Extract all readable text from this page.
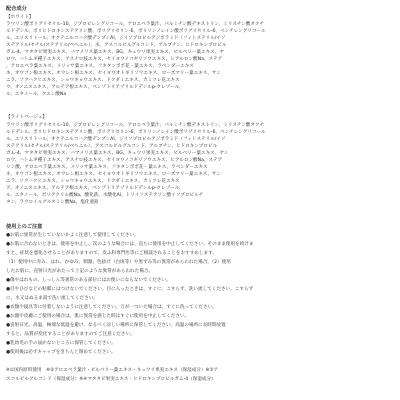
配合成分
【ホワイト】
ラウリン酸ポリグリセリル-10、ジプロピレングリコール、アロエベラ葉汁、パルミチン酸デキストリン、ミリスチン酸オクチ
ルドデシル、ポリヒドロキシステアリン酸、ポリグリセリン-6、ポリリシノレイン酸ポリグリセリル-6、ペンチレングリコール
ル、エリスリトール、オクテニルコハク酸デンプンAl、ジイソプロピルアジポラミド（フィトステリル/イソ
ステアリル/セチル/ステアリル/ベヘニル）、水、アスコルビルグルコシド、アルブチン、ヒドロキシプロピル
ガム-4、マタタビ果実エキス、ハマメリス葉エキス、BG、キュウリ果実エキス、ビルベリー葉エキス、ヤ
ロウ、ハトムギ種子エキス、アスナロ枝エキス、セイヨウノコギリソウエキス、ヒアルロン酸Na、ステア
、アロエベラ葉エキス、メリッサ葉エキス、フキタンポポ花・葉エキス、ラベンダーエキス
ネ、オウゴン根エキス、オウレン根エキス、セイヨウオトギリソウエキス、ローズマリー葉エキス、サン
ニラ、ソクハクヒエキス、ショウキョウエキス、ドクダミエキス、カミツレ花エキス
ウ、オノニスエキス、アルテア根エキス、ベンゾトリアゾリルドデシルp-クレゾール、
ル、エタノール、クエン酸Na
【ライトベージュ】
ラウリン酸ポリグリセリル-10、ジプロピレングリコール、アロエベラ葉汁、パルミチン酸デキストリン、ミリスチン酸オクチ
ルドデシル、ポリヒドロキシステアリン酸、ポリグリセリン-6、ポリリシノレイン酸ポリグリセリル-6、ペンチレングリコール
ル、エリスリトール、オクテニルコハク酸デンプンAl、ジイソプロピルアジポラミド（フィトステリル/イソ
ステアリル/セチル/ステアリル/ベヘニル）、アスコルビルグルコシド、アルブチン、ヒドロキシプロピル
ガム-4、マタタビ果実エキス、ハマメリス葉エキス、BG、キュウリ果実エキス、ビルベリー葉エキス、ヤシ
ロウ、ハトムギ種子エキス、アスナロ枝エキス、セイヨウノコギリソウエキス、ヒアルロン酸Na、ステア
リン酸、アロエベラ葉エキス、メリッサ葉エキス、フキタンポポ花・葉エキス、ラベンダーエキス
ネ、オウゴン根エキス、オウレン根エキス、セイヨウオトギリソウエキス、ローズマリー葉エキス、サン
ニラ、ソクハクヒエキス、ショウキョウエキス、ドクダミエキス、カミツレ花エキス
ア、オノニスエキス、アルテア根エキス、ベンゾトリアゾリルドデシルp-クレゾール、
ル、エタノール、ポリアクリル酸Na、酸化鉄、水酸化Al、トリイソステアリン酸イソプロピルチ
タン、ラウロイルグルタミン酸Na、塩化亜鉛
使用上のご注意
●お肌に異常が生じていないかよく注意して使用してください。
●お肌に合わないときは、使用を中止し、次のような場合には、直ちに使用を中止してください。そのまま使用を続けま
すと、症状を悪化させることがありますので、皮ふ科専門医等にご相談されることをおすすめします。
（1）使用中に赤み、はれ、かゆみ、刺激、色抜け（白斑等）や黒ずみ等の異常があらわれた場合。（2）使用
したお肌に、直射日光があたって上記のような異常があらわれた場合。
●傷やはれもの、しっしん等異常のある部位にはお使いにならないでください。
●目やひびなどの粘膜にはつけないでください。目に入ったときは、すぐに、こすらず、洗い流してください。こすらず
に、水又はぬるま湯で洗い流してください。
●衣類や寝具等に付着しないように注意してください。万が一ついた場合は、すぐに洗ってください。
●お顔や皮膚にご使用の場合は、肌に異常を感じた時はすぐに使用を中止してください。
●直射日光、高温、極端な低温を避け、なるべく涼しい場所に保管してください。高温の場所に長時間放置
すると、品質が変化することがありますのでご注意ください。
●乳幼児の手の届かないところに保管してください。
●使用後は必ずキャップをきちんと閉めてください。
※①国内原料使用　※②アロエベラ葉汁・ビルベリー葉エキス・キュウリ果実エキス（保湿成分）※③ア
スコルビルグルコシド（保湿成分）※④マタタビ果実エキス・ヒドロキシプロピルガム-4（保湿成分）
